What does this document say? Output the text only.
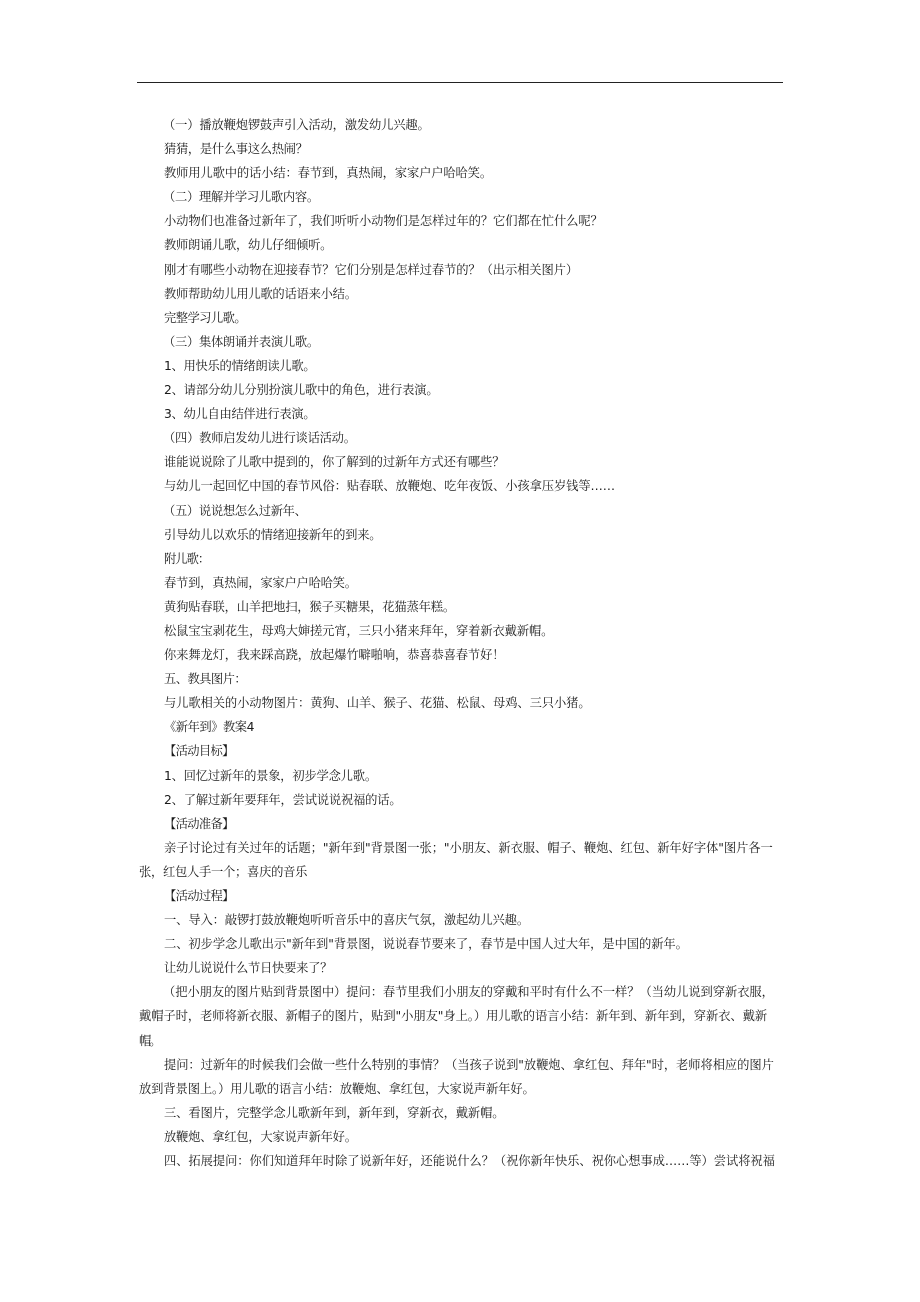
（一）播放鞭炮锣鼓声引入活动，激发幼儿兴趣。
猜猜，是什么事这么热闹？
教师用儿歌中的话小结：春节到，真热闹，家家户户哈哈笑。
（二）理解并学习儿歌内容。
小动物们也准备过新年了，我们听听小动物们是怎样过年的？它们都在忙什么呢？
教师朗诵儿歌，幼儿仔细倾听。
刚才有哪些小动物在迎接春节？它们分别是怎样过春节的？（出示相关图片）
教师帮助幼儿用儿歌的话语来小结。
完整学习儿歌。
（三）集体朗诵并表演儿歌。
1、用快乐的情绪朗读儿歌。
2、请部分幼儿分别扮演儿歌中的角色，进行表演。
3、幼儿自由结伴进行表演。
（四）教师启发幼儿进行谈话活动。
谁能说说除了儿歌中提到的，你了解到的过新年方式还有哪些？
与幼儿一起回忆中国的春节风俗：贴春联、放鞭炮、吃年夜饭、小孩拿压岁钱等……
（五）说说想怎么过新年、
引导幼儿以欢乐的情绪迎接新年的到来。
附儿歌：
春节到，真热闹，家家户户哈哈笑。
黄狗贴春联，山羊把地扫，猴子买糖果，花猫蒸年糕。
松鼠宝宝剥花生，母鸡大婶搓元宵，三只小猪来拜年，穿着新衣戴新帽。
你来舞龙灯，我来踩高跷，放起爆竹噼啪响，恭喜恭喜春节好！
五、教具图片：
与儿歌相关的小动物图片：黄狗、山羊、猴子、花猫、松鼠、母鸡、三只小猪。
《新年到》教案4
【活动目标】
1、回忆过新年的景象，初步学念儿歌。
2、了解过新年要拜年，尝试说说祝福的话。
【活动准备】
亲子讨论过有关过年的话题；"新年到"背景图一张；"小朋友、新衣服、帽子、鞭炮、红包、新年好字体"图片各一
张，红包人手一个；喜庆的音乐
【活动过程】
一、导入：敲锣打鼓放鞭炮听听音乐中的喜庆气氛，激起幼儿兴趣。
二、初步学念儿歌出示"新年到"背景图，说说春节要来了，春节是中国人过大年，是中国的新年。
让幼儿说说什么节日快要来了？
（把小朋友的图片贴到背景图中）提问：春节里我们小朋友的穿戴和平时有什么不一样？（当幼儿说到穿新衣服，
戴帽子时，老师将新衣服、新帽子的图片，贴到"小朋友"身上。）用儿歌的语言小结：新年到、新年到，穿新衣、戴新
帽。
提问：过新年的时候我们会做一些什么特别的事情？（当孩子说到"放鞭炮、拿红包、拜年"时，老师将相应的图片
放到背景图上。）用儿歌的语言小结：放鞭炮、拿红包，大家说声新年好。
三、看图片，完整学念儿歌新年到，新年到，穿新衣，戴新帽。
放鞭炮、拿红包，大家说声新年好。
四、拓展提问：你们知道拜年时除了说新年好，还能说什么？（祝你新年快乐、祝你心想事成……等）尝试将祝福
